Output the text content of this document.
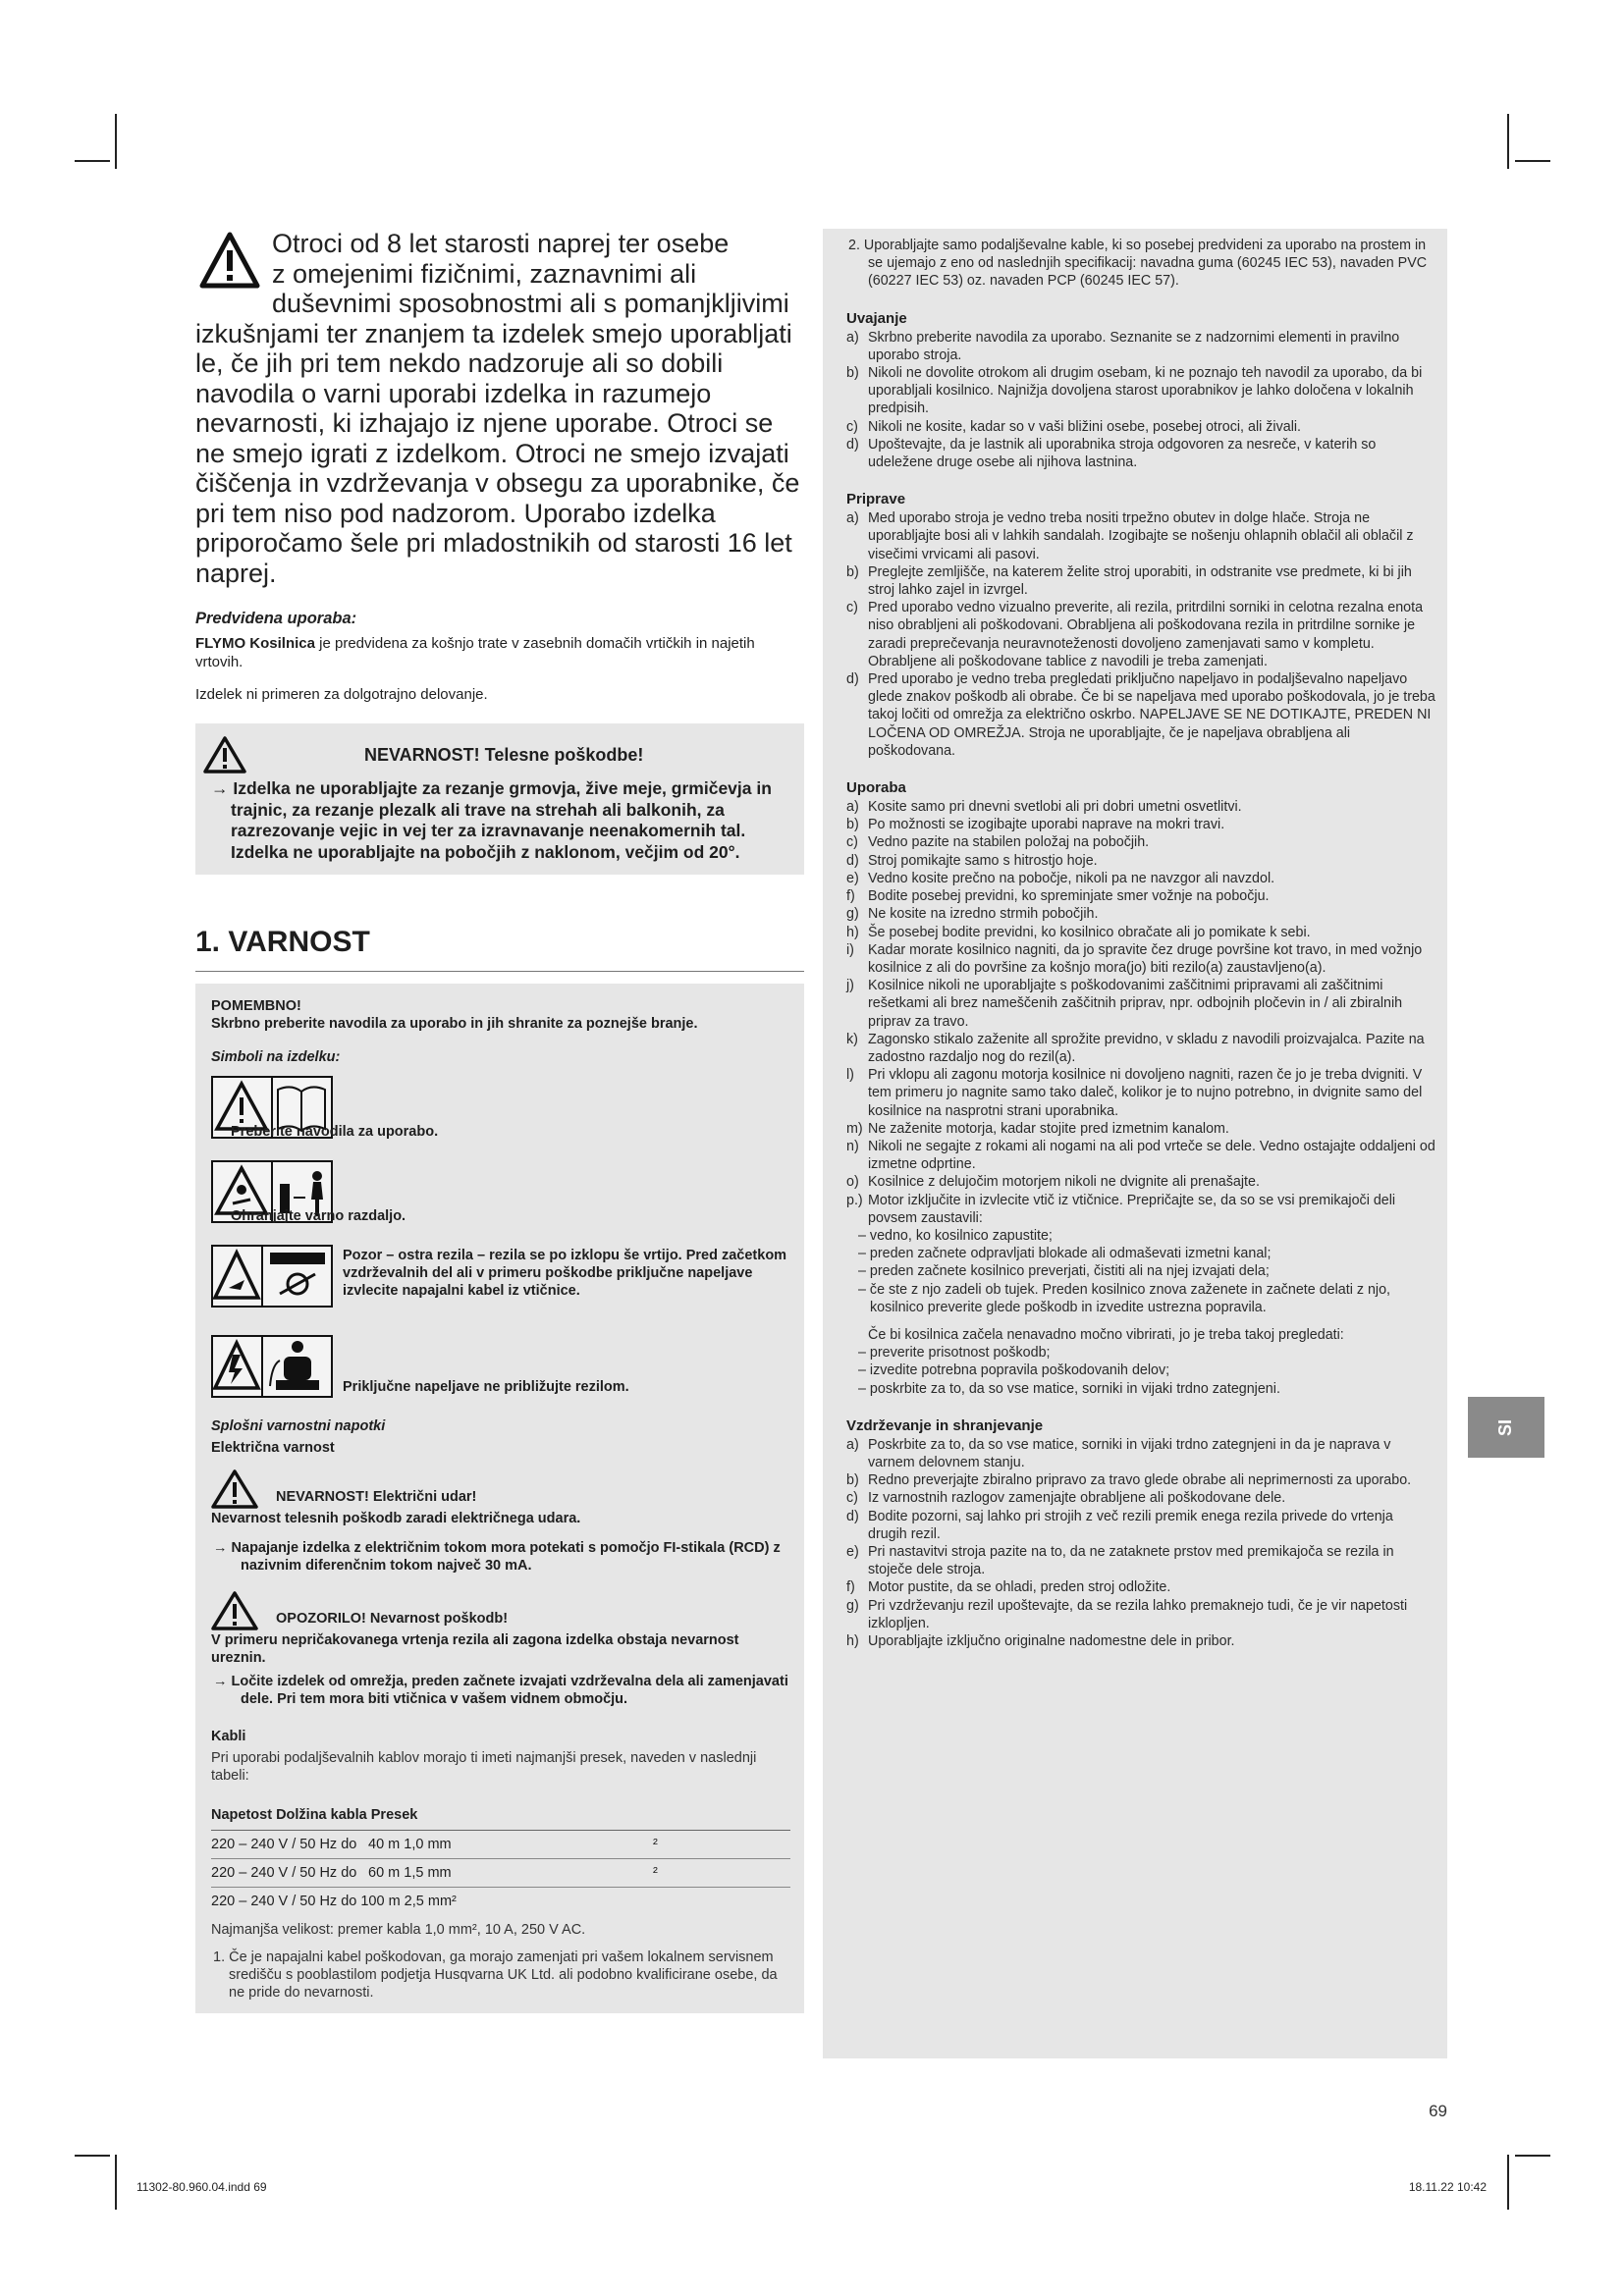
Otroci od 8 let starosti naprej ter osebe

z omejenimi fizičnimi, zaznavnimi ali duševnimi sposobnostmi ali s pomanjkljivimi izkušnjami ter znanjem ta izdelek smejo uporabljati le, če jih pri tem nekdo nadzoruje ali so dobili navodila o varni uporabi izdelka in razumejo nevarnosti, ki izhajajo iz njene uporabe. Otroci se ne smejo igrati z izdelkom. Otroci ne smejo izvajati čiščenja in vzdrževanja v obsegu za uporabnike, če pri tem niso pod nadzorom. Uporabo izdelka priporočamo šele pri mladostnikih od starosti 16 let naprej.

Predvidena uporaba:
FLYMO Kosilnica je predvidena za košnjo trate v zasebnih domačih vrtičkih in najetih vrtovih.
Izdelek ni primeren za dolgotrajno delovanje.
NEVARNOST! Telesne poškodbe!
→ Izdelka ne uporabljajte za rezanje grmovja, žive meje, grmičevja in trajnic, za rezanje plezalk ali trave na strehah ali balkonih, za razrezovanje vejic in vej ter za izravnavanje neenakomernih tal. Izdelka ne uporabljajte na pobočjih z naklonom, večjim od 20°.
1. VARNOST
POMEMBNO!
Skrbno preberite navodila za uporabo in jih shranite za poznejše branje.
Simboli na izdelku:
Preberite navodila za uporabo.
Ohranjajte varno razdaljo.
Pozor – ostra rezila – rezila se po izklopu še vrtijo. Pred začetkom vzdrževalnih del ali v primeru poškodbe priključne napeljave izvlecite napajalni kabel iz vtičnice.
Priključne napeljave ne približujte rezilom.
Splošni varnostni napotki
Električna varnost
NEVARNOST! Električni udar!
Nevarnost telesnih poškodb zaradi električnega udara.
→ Napajanje izdelka z električnim tokom mora potekati s pomočjo FI-stikala (RCD) z nazivnim diferenčnim tokom največ 30 mA.
OPOZORILO! Nevarnost poškodb!
V primeru nepričakovanega vrtenja rezila ali zagona izdelka obstaja nevarnost ureznin.
→ Ločite izdelek od omrežja, preden začnete izvajati vzdrževalna dela ali zamenjavati dele. Pri tem mora biti vtičnica v vašem vidnem območju.
Kabli
Pri uporabi podaljševalnih kablov morajo ti imeti najmanjši presek, naveden v naslednji tabeli:
Napetost Dolžina kabla Presek		
220 – 240 V / 50 Hz do	40 m 1,0 mm	²
220 – 240 V / 50 Hz do	60 m 1,5 mm	²
220 – 240 V / 50 Hz do 100 m 2,5 mm²		

Najmanjša velikost: premer kabla 1,0 mm², 10 A, 250 V AC.

1. Če je napajalni kabel poškodovan, ga morajo zamenjati pri vašem lokalnem servisnem središču s pooblastilom podjetja Husqvarna UK Ltd. ali podobno kvalificirane osebe, da ne pride do nevarnosti.

2. Uporabljajte samo podaljševalne kable, ki so posebej predvideni za uporabo na prostem in se ujemajo z eno od naslednjih specifikacij: navadna guma (60245 IEC 53), navaden PVC (60227 IEC 53) oz. navaden PCP (60245 IEC 57).
Uvajanje
a) Skrbno preberite navodila za uporabo. Seznanite se z nadzornimi elementi in pravilno uporabo stroja.
b) Nikoli ne dovolite otrokom ali drugim osebam, ki ne poznajo teh navodil za uporabo, da bi uporabljali kosilnico. Najnižja dovoljena starost uporabnikov je lahko določena v lokalnih predpisih.
c) Nikoli ne kosite, kadar so v vaši bližini osebe, posebej otroci, ali živali.
d) Upoštevajte, da je lastnik ali uporabnika stroja odgovoren za nesreče, v katerih so udeležene druge osebe ali njihova lastnina.
Priprave
a) Med uporabo stroja je vedno treba nositi trpežno obutev in dolge hlače. Stroja ne uporabljajte bosi ali v lahkih sandalah. Izogibajte se nošenju ohlapnih oblačil ali oblačil z visečimi vrvicami ali pasovi.
b) Preglejte zemljišče, na katerem želite stroj uporabiti, in odstranite vse predmete, ki bi jih stroj lahko zajel in izvrgel.
c) Pred uporabo vedno vizualno preverite, ali rezila, pritrdilni sorniki in celotna rezalna enota niso obrabljeni ali poškodovani. Obrabljena ali poškodovana rezila in pritrdilne sornike je zaradi preprečevanja neuravnoteženosti dovoljeno zamenjavati samo v kompletu. Obrabljene ali poškodovane tablice z navodili je treba zamenjati.
d) Pred uporabo je vedno treba pregledati priključno napeljavo in podaljševalno napeljavo glede znakov poškodb ali obrabe. Če bi se napeljava med uporabo poškodovala, jo je treba takoj ločiti od omrežja za električno oskrbo. NAPELJAVE SE NE DOTIKAJTE, PREDEN NI LOČENA OD OMREŽJA. Stroja ne uporabljajte, če je napeljava obrabljena ali poškodovana.
Uporaba
a) Kosite samo pri dnevni svetlobi ali pri dobri umetni osvetlitvi.
b) Po možnosti se izogibajte uporabi naprave na mokri travi.
c) Vedno pazite na stabilen položaj na pobočjih.
d) Stroj pomikajte samo s hitrostjo hoje.
e) Vedno kosite prečno na pobočje, nikoli pa ne navzgor ali navzdol.
f) Bodite posebej previdni, ko spreminjate smer vožnje na pobočju.
g) Ne kosite na izredno strmih pobočjih.
h) Še posebej bodite previdni, ko kosilnico obračate ali jo pomikate k sebi.
i) Kadar morate kosilnico nagniti, da jo spravite čez druge površine kot travo, in med vožnjo kosilnice z ali do površine za košnjo mora(jo) biti rezilo(a) zaustavljeno(a).
j) Kosilnice nikoli ne uporabljajte s poškodovanimi zaščitnimi pripravami ali zaščitnimi rešetkami ali brez nameščenih zaščitnih priprav, npr. odbojnih pločevin in / ali zbiralnih priprav za travo.
k) Zagonsko stikalo zaženite all sprožite previdno, v skladu z navodili proizvajalca. Pazite na zadostno razdaljo nog do rezil(a).
l) Pri vklopu ali zagonu motorja kosilnice ni dovoljeno nagniti, razen če jo je treba dvigniti. V tem primeru jo nagnite samo tako daleč, kolikor je to nujno potrebno, in dvignite samo del kosilnice na nasprotni strani uporabnika.
m) Ne zaženite motorja, kadar stojite pred izmetnim kanalom.
n) Nikoli ne segajte z rokami ali nogami na ali pod vrteče se dele. Vedno ostajajte oddaljeni od izmetne odprtine.
o) Kosilnice z delujočim motorjem nikoli ne dvignite ali prenašajte.
p.) Motor izključite in izvlecite vtič iz vtičnice. Prepričajte se, da so se vsi premikajoči deli povsem zaustavili:
– vedno, ko kosilnico zapustite;
– preden začnete odpravljati blokade ali odmaševati izmetni kanal;
– preden začnete kosilnico preverjati, čistiti ali na njej izvajati dela;
– če ste z njo zadeli ob tujek. Preden kosilnico znova zaženete in začnete delati z njo, kosilnico preverite glede poškodb in izvedite ustrezna popravila.
Če bi kosilnica začela nenavadno močno vibrirati, jo je treba takoj pregledati:
– preverite prisotnost poškodb;
– izvedite potrebna popravila poškodovanih delov;
– poskrbite za to, da so vse matice, sorniki in vijaki trdno zategnjeni.
Vzdrževanje in shranjevanje
a) Poskrbite za to, da so vse matice, sorniki in vijaki trdno zategnjeni in da je naprava v varnem delovnem stanju.
b) Redno preverjajte zbiralno pripravo za travo glede obrabe ali neprimernosti za uporabo.
c) Iz varnostnih razlogov zamenjajte obrabljene ali poškodovane dele.
d) Bodite pozorni, saj lahko pri strojih z več rezili premik enega rezila privede do vrtenja drugih rezil.
e) Pri nastavitvi stroja pazite na to, da ne zataknete prstov med premikajoča se rezila in stoječe dele stroja.
f) Motor pustite, da se ohladi, preden stroj odložite.
g) Pri vzdrževanju rezil upoštevajte, da se rezila lahko premaknejo tudi, če je vir napetosti izklopljen.
h) Uporabljajte izključno originalne nadomestne dele in pribor.
SI
69
11302-80.960.04.indd 69	18.11.22 10:42
